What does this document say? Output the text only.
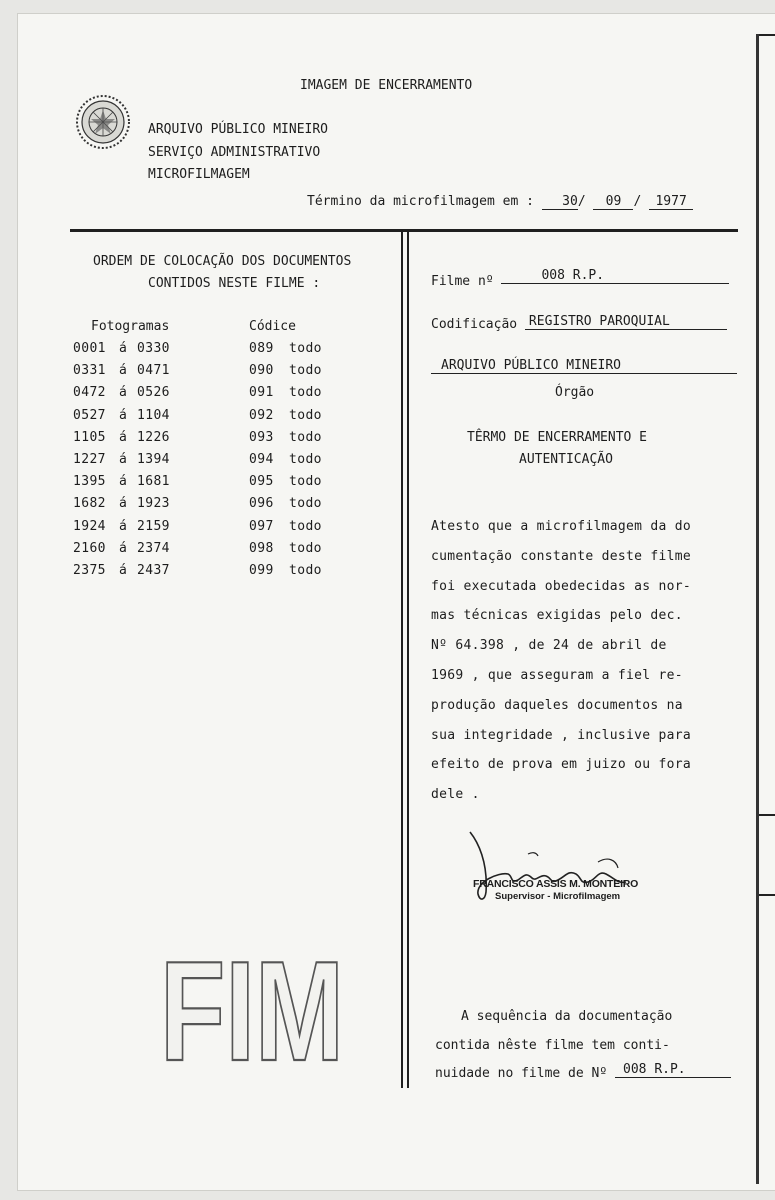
IMAGEM DE ENCERRAMENTO
ARQUIVO PÚBLICO MINEIRO
SERVIÇO ADMINISTRATIVO
MICROFILMAGEM
Término da microfilmagem em : 30/ 09 / 1977
ORDEM DE COLOCAÇÃO DOS DOCUMENTOS
CONTIDOS NESTE FILME :
Fotogramas	Códice
FIM
Filme nº	008 R.P.
Codificação REGISTRO PAROQUIAL
ARQUIVO PÚBLICO MINEIRO
Órgão
TÊRMO DE ENCERRAMENTO E
AUTENTICAÇÃO
FRANCISCO ASSIS M. MONTEIRO
Supervisor - Microfilmagem
A sequência da documentação
contida nêste filme tem conti-
nuidade no filme de Nº 008 R.P.
0001 á 0330	089 todo
0331 á 0471	090 todo
0472 á 0526	091 todo
0527 á 1104	092 todo
1105 á 1226	093 todo
1227 á 1394	094 todo
1395 á 1681	095 todo
1682 á 1923	096 todo
1924 á 2159	097 todo
2160 á 2374	098 todo
2375 á 2437	099 todo
Atesto que a microfilmagem da do
cumentação constante deste filme
foi executada obedecidas as nor-
mas técnicas exigidas pelo dec.
Nº 64.398 , de 24 de abril de
1969 , que asseguram a fiel re-
produção daqueles documentos na
sua integridade , inclusive para
efeito de prova em juizo ou fora
dele .
